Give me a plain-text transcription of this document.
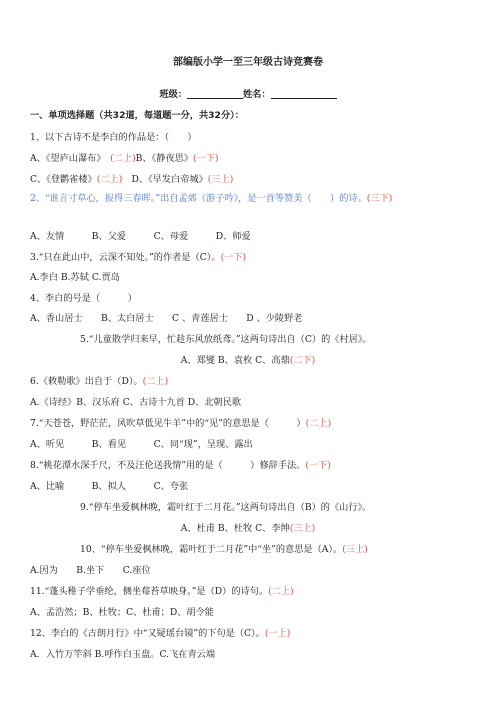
部编版小学一至三年级古诗竞赛卷
班级：	姓名：
一、单项选择题（共32道，每道题一分，共32分）：
1、以下古诗不是李白的作品是：（　　）
A、《望庐山瀑布》　(二上)B、《静夜思》(一下)
C、《登鹳雀楼》(二上)　D、《早发白帝城》(三上)
2、“谁言寸草心，报得三春晖。”出自孟郊《游子吟》，是一首等赞美（　　）的诗。(三下)
A、友情　　　B、父爱　　　C、母爱　　　D、师爱
3.“只在此山中，云深不知处。”的作者是（C）。(一下)
A.李白 B.苏轼 C.贾岛
4、李白的号是（　　　）
A、香山居士　　B、太白居士　　C 、青莲居士　　D 、少陵野老
5.“儿童散学归来早，忙趁东风放纸鸢。”这两句诗出自（C）的《村居》。
A、郑燮 B、袁枚 C、高鼎(二下)
6.《敕勒歌》出自于（D）。(二上)
A.《诗经》B、汉乐府 C、古诗十九首 D、北朝民歌
7.“天苍苍，野茫茫，风吹草低见牛羊”中的“见”的意思是（　　　）(二上)
A、听见　　　B、看见　　　C、同“现”，呈现、露出
8.“桃花潭水深千尺，不及汪伦送我情”用的是（　　　）修辞手法。(一下)
A、比喻　　　B、拟人　　　C、夸张
9.“停车坐爱枫林晚，霜叶红于二月花。”这两句诗出自（B）的《山行》。
A、杜甫 B、杜牧 C、李绅(三上)
10、“停车坐爱枫林晚，霜叶红于二月花”中“坐”的意思是（A）。(三上)
A.因为　　B.坐下　　C.座位
11.“蓬头稚子学垂纶，侧坐莓苔草映身。”是（D）的诗句。(二上)
A、孟浩然；B、杜牧；C、杜甫；D、胡令能
12、李白的《古朗月行》中“又疑瑶台镜”的下句是（C）。(一上)
A．入竹万竿斜 B.呼作白玉盘。C.飞在青云端
